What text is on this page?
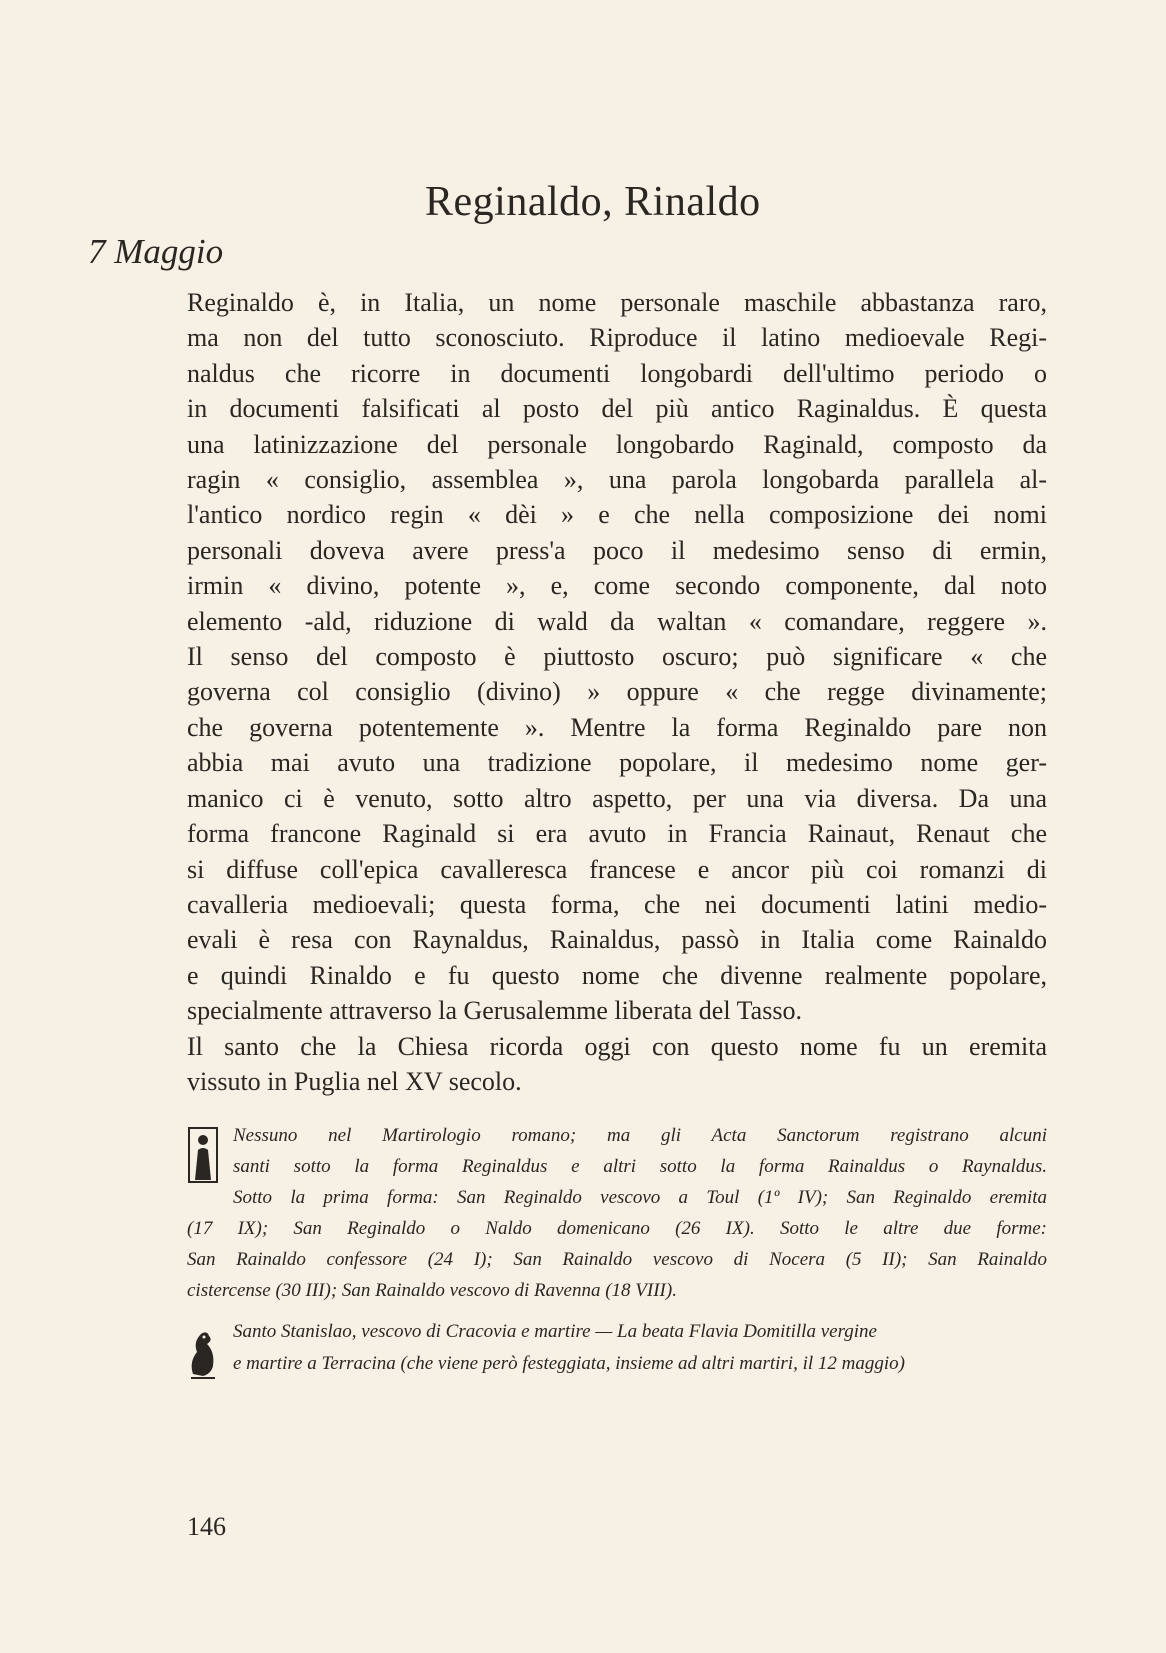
Reginaldo, Rinaldo
7 Maggio
Reginaldo è, in Italia, un nome personale maschile abbastanza raro,
ma non del tutto sconosciuto. Riproduce il latino medioevale Regi-
naldus che ricorre in documenti longobardi dell'ultimo periodo o
in documenti falsificati al posto del più antico Raginaldus. È questa
una latinizzazione del personale longobardo Raginald, composto da
ragin « consiglio, assemblea », una parola longobarda parallela al-
l'antico nordico regin « dèi » e che nella composizione dei nomi
personali doveva avere press'a poco il medesimo senso di ermin,
irmin « divino, potente », e, come secondo componente, dal noto
elemento -ald, riduzione di wald da waltan « comandare, reggere ».
Il senso del composto è piuttosto oscuro; può significare « che
governa col consiglio (divino) » oppure « che regge divinamente;
che governa potentemente ». Mentre la forma Reginaldo pare non
abbia mai avuto una tradizione popolare, il medesimo nome ger-
manico ci è venuto, sotto altro aspetto, per una via diversa. Da una
forma francone Raginald si era avuto in Francia Rainaut, Renaut che
si diffuse coll'epica cavalleresca francese e ancor più coi romanzi di
cavalleria medioevali; questa forma, che nei documenti latini medio-
evali è resa con Raynaldus, Rainaldus, passò in Italia come Rainaldo
e quindi Rinaldo e fu questo nome che divenne realmente popolare,
specialmente attraverso la Gerusalemme liberata del Tasso.
Il santo che la Chiesa ricorda oggi con questo nome fu un eremita
vissuto in Puglia nel XV secolo.
Nessuno nel Martirologio romano; ma gli Acta Sanctorum registrano alcuni
santi sotto la forma Reginaldus e altri sotto la forma Rainaldus o Raynaldus.
Sotto la prima forma: San Reginaldo vescovo a Toul (1º IV); San Reginaldo eremita
(17 IX); San Reginaldo o Naldo domenicano (26 IX). Sotto le altre due forme:
San Rainaldo confessore (24 I); San Rainaldo vescovo di Nocera (5 II); San Rainaldo
cistercense (30 III); San Rainaldo vescovo di Ravenna (18 VIII).
Santo Stanislao, vescovo di Cracovia e martire — La beata Flavia Domitilla vergine
e martire a Terracina (che viene però festeggiata, insieme ad altri martiri, il 12 maggio)
146
